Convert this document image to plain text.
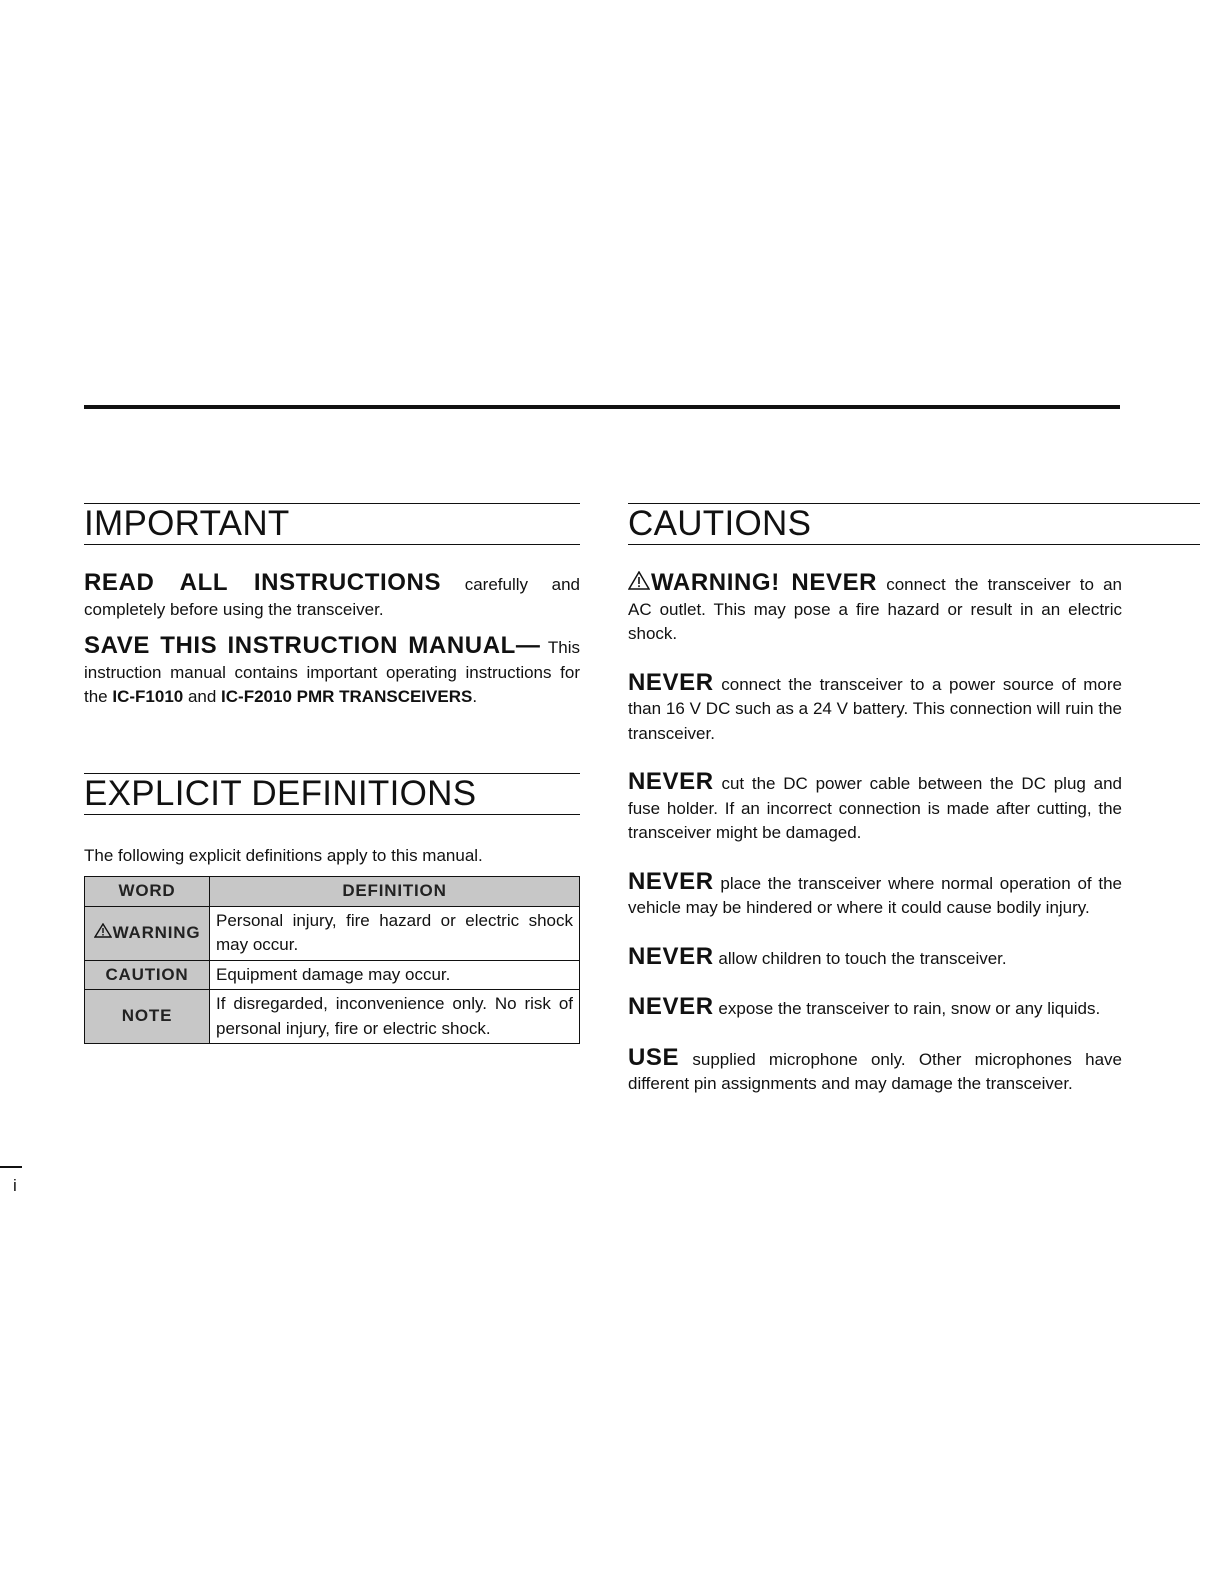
IMPORTANT

READ ALL INSTRUCTIONS carefully and completely before using the transceiver.

SAVE THIS INSTRUCTION MANUAL— This instruction manual contains important operating instructions for the IC-F1010 and IC-F2010 PMR TRANSCEIVERS.

EXPLICIT DEFINITIONS

The following explicit definitions apply to this manual.

WORD	DEFINITION
WARNING	Personal injury, fire hazard or electric shock may occur.
CAUTION	Equipment damage may occur.
NOTE	If disregarded, inconvenience only. No risk of personal injury, fire or electric shock.
CAUTIONS

WARNING! NEVER connect the transceiver to an AC outlet. This may pose a fire hazard or result in an electric shock.

NEVER connect the transceiver to a power source of more than 16 V DC such as a 24 V battery. This connection will ruin the transceiver.

NEVER cut the DC power cable between the DC plug and fuse holder. If an incorrect connection is made after cutting, the transceiver might be damaged.

NEVER place the transceiver where normal operation of the vehicle may be hindered or where it could cause bodily injury.

NEVER allow children to touch the transceiver.

NEVER expose the transceiver to rain, snow or any liquids.

USE supplied microphone only. Other microphones have different pin assignments and may damage the transceiver.

i
